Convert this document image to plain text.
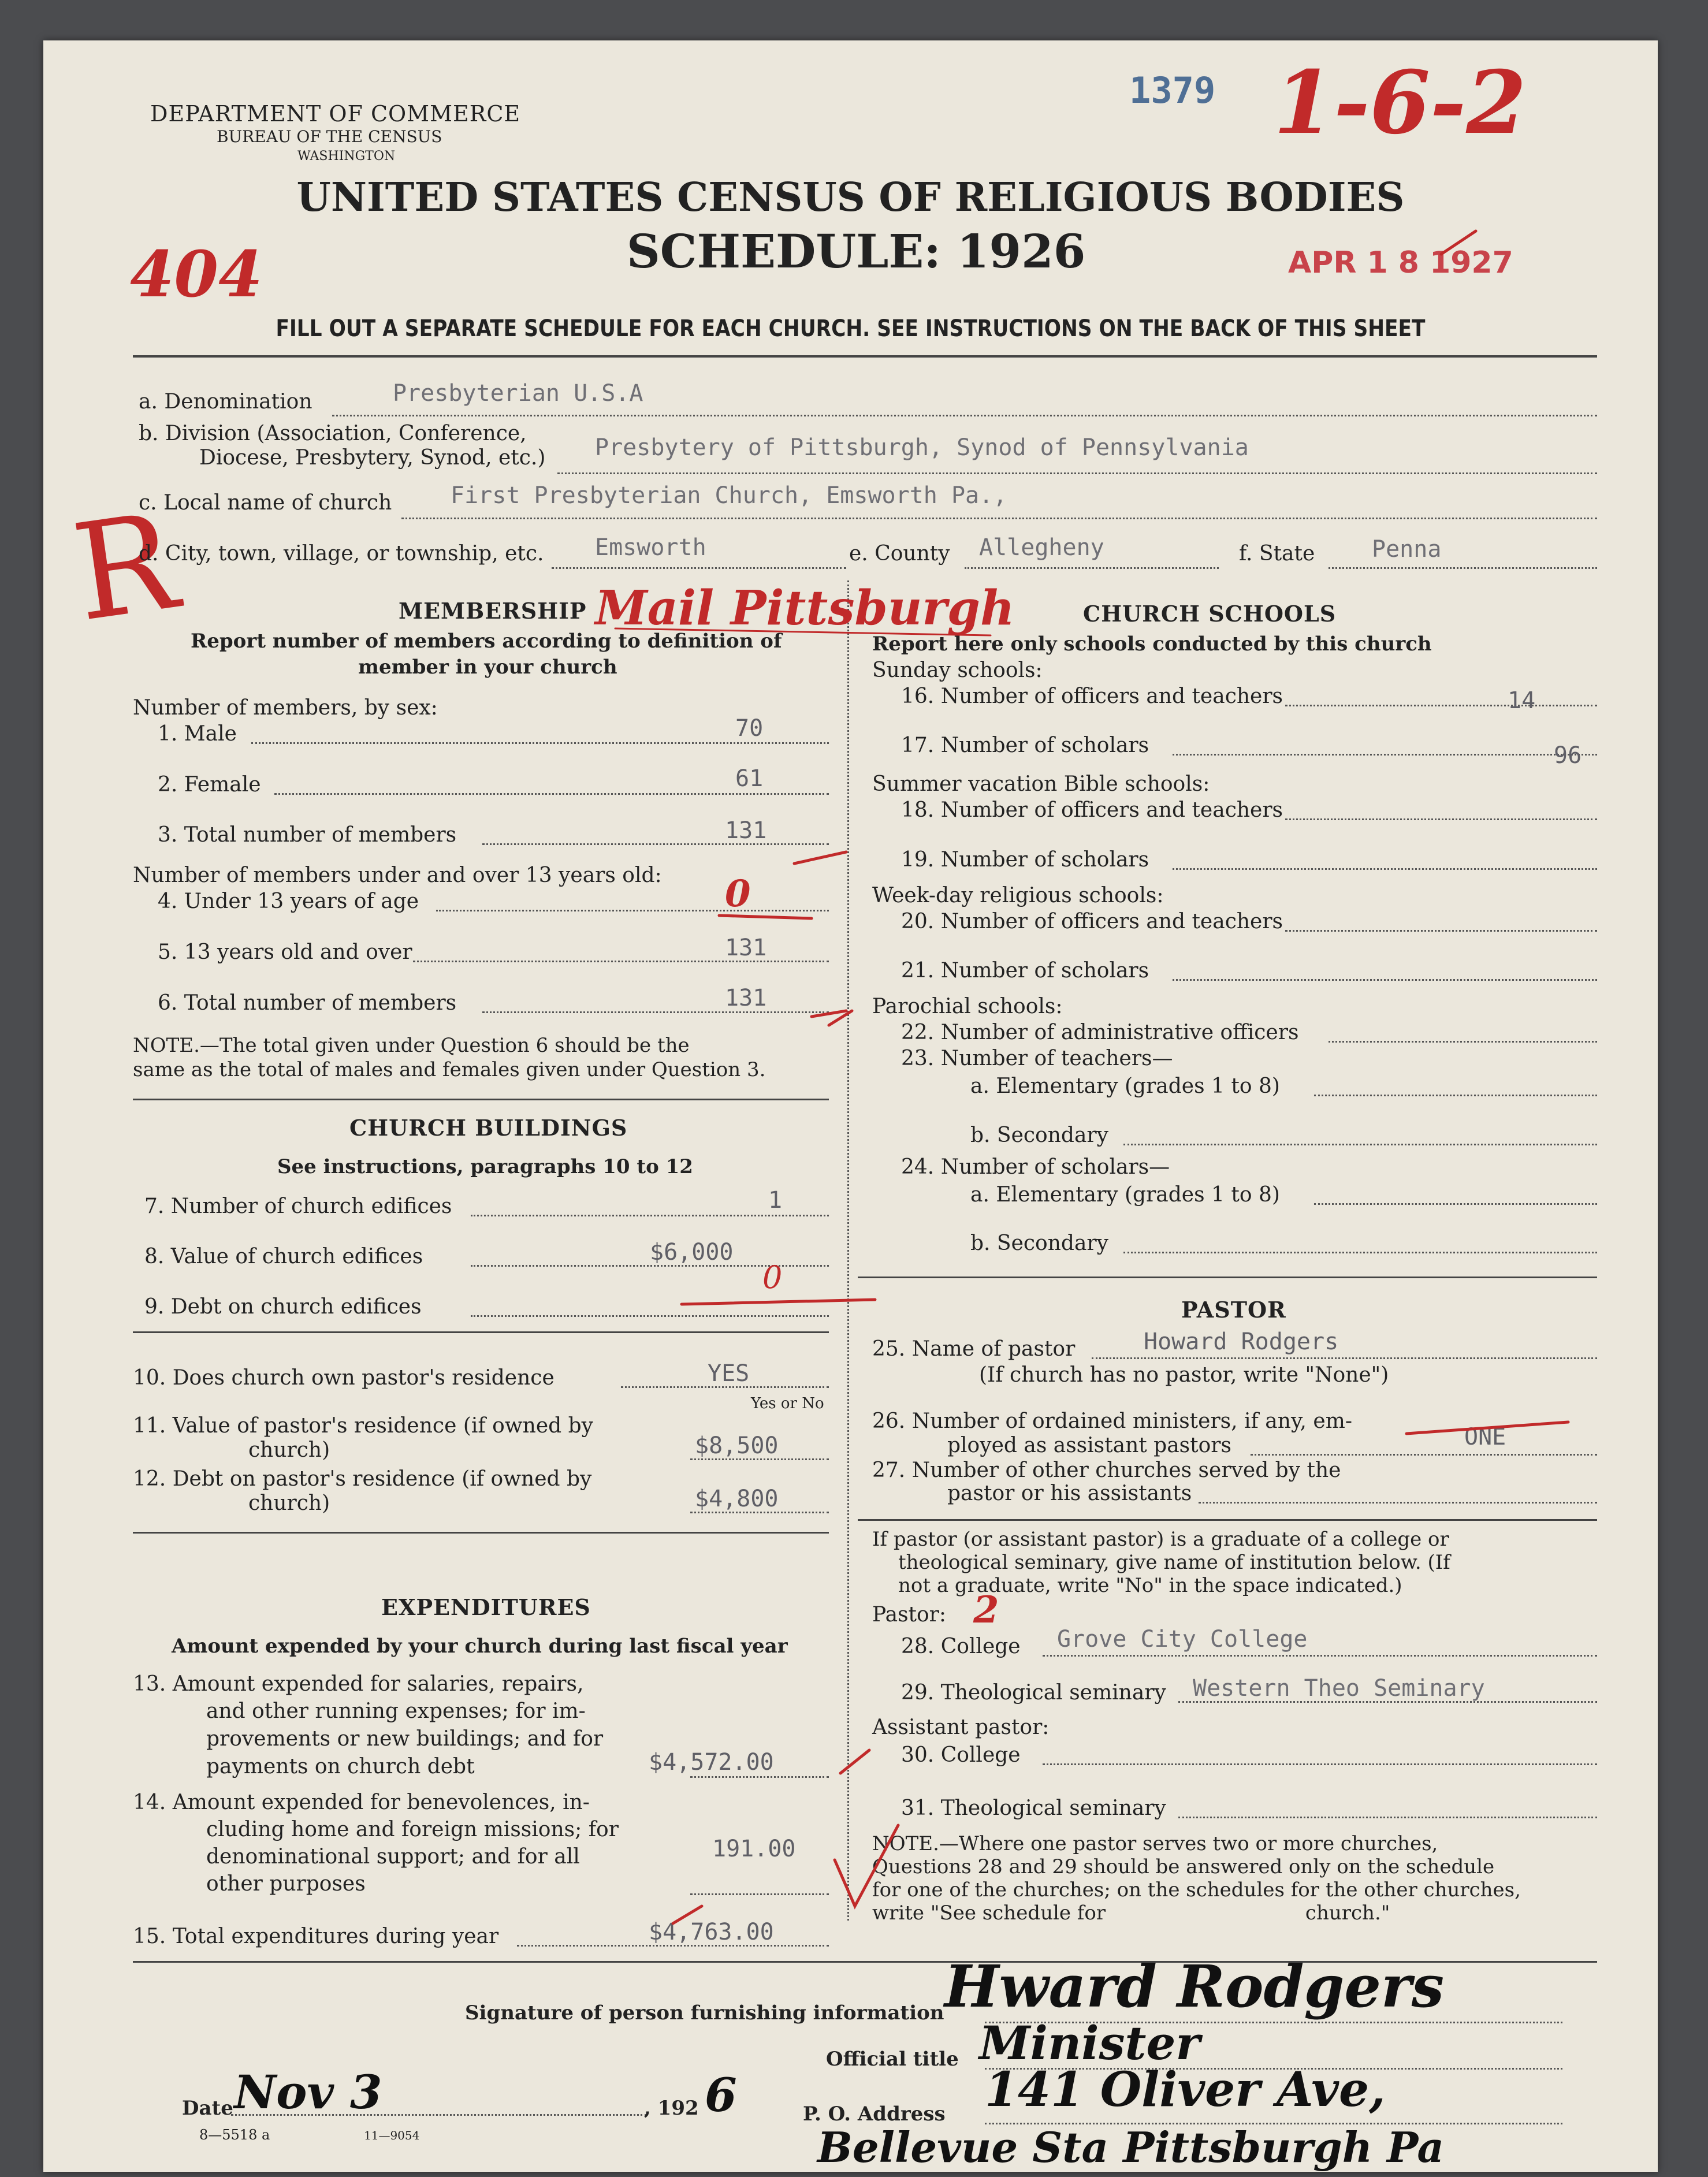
DEPARTMENT OF COMMERCE
BUREAU OF THE CENSUS
WASHINGTON
1379 1-6-2
UNITED STATES CENSUS OF RELIGIOUS BODIES
SCHEDULE: 1926
404	APR 1 8 1927
FILL OUT A SEPARATE SCHEDULE FOR EACH CHURCH. SEE INSTRUCTIONS ON THE BACK OF THIS SHEET
R
a. Denomination	Presbyterian U.S.A
b. Division (Association, Conference,
Diocese, Presbytery, Synod, etc.) Presbytery of Pittsburgh, Synod of Pennsylvania
c. Local name of church	First Presbyterian Church, Emsworth Pa.,
d. City, town, village, or township, etc. Emsworth	e. County Allegheny	f. State Penna
MEMBERSHIP Mail Pittsburgh
Report number of members according to definition of
member in your church
Number of members, by sex:
1. Male	70
2. Female	61
3. Total number of members	131
Number of members under and over 13 years old:
4. Under 13 years of age	0
5. 13 years old and over	131
6. Total number of members	131
NOTE.—The total given under Question 6 should be the
same as the total of males and females given under Question 3.
CHURCH BUILDINGS
See instructions, paragraphs 10 to 12
7. Number of church edifices	1
8. Value of church edifices	$6,000
9. Debt on church edifices
0
10. Does church own pastor's residence	YES
Yes or No
11. Value of pastor's residence (if owned by
church)	$8,500
12. Debt on pastor's residence (if owned by
church)	$4,800
EXPENDITURES
Amount expended by your church during last fiscal year
13. Amount expended for salaries, repairs,
and other running expenses; for im-
provements or new buildings; and for
payments on church debt	$4,572.00
14. Amount expended for benevolences, in-
cluding home and foreign missions; for
denominational support; and for all
other purposes
191.00
15. Total expenditures during year	$4,763.00
CHURCH SCHOOLS
Report here only schools conducted by this church
Sunday schools:
16. Number of officers and teachers	14
17. Number of scholars	96
Summer vacation Bible schools:
18. Number of officers and teachers
19. Number of scholars
Week-day religious schools:
20. Number of officers and teachers
21. Number of scholars
Parochial schools:
22. Number of administrative officers
23. Number of teachers—
a. Elementary (grades 1 to 8)
b. Secondary
24. Number of scholars—
a. Elementary (grades 1 to 8)
b. Secondary
PASTOR
25. Name of pastor	Howard Rodgers
(If church has no pastor, write "None")
26. Number of ordained ministers, if any, em-
ployed as assistant pastors	ONE
27. Number of other churches served by the
pastor or his assistants
If pastor (or assistant pastor) is a graduate of a college or
theological seminary, give name of institution below. (If
not a graduate, write "No" in the space indicated.)
Pastor: 2
28. College Grove City College
29. Theological seminary Western Theo Seminary
Assistant pastor:
30. College
31. Theological seminary
NOTE.—Where one pastor serves two or more churches,
Questions 28 and 29 should be answered only on the schedule
for one of the churches; on the schedules for the other churches,
write "See schedule for                                church."
Signature of person furnishing information Hward Rodgers
Official title Minister
Date Nov 3	, 192 6	P. O. Address 141 Oliver Ave,
Bellevue Sta Pittsburgh Pa
8—5518 a	11—9054
